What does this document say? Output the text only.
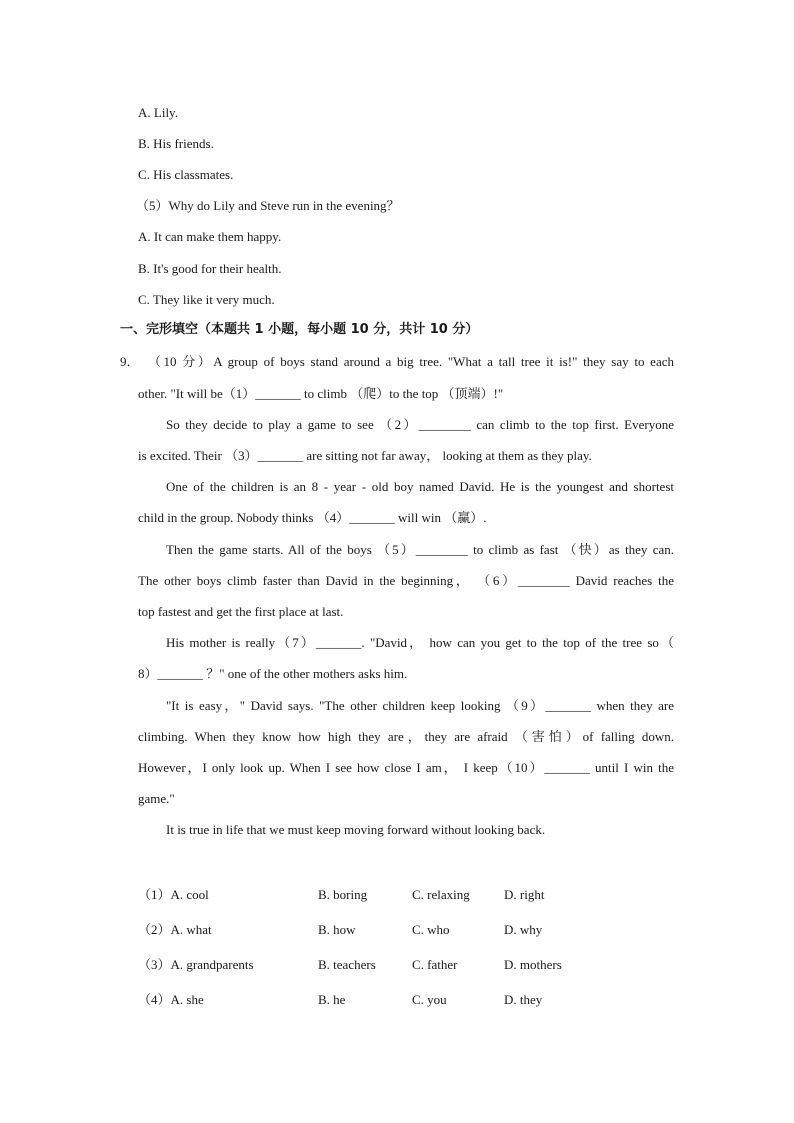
A. Lily.
B. His friends.
C. His classmates.
（5）Why do Lily and Steve run in the evening？
A. It can make them happy.
B. It's good for their health.
C. They like it very much.
一、完形填空（本题共 1 小题，每小题 10 分，共计 10 分）
9． （10 分）A group of boys stand around a big tree. "What a tall tree it is!" they say to each
other. "It will be（1）_______ to climb （爬）to the top （顶端）!"
So they decide to play a game to see （2）________ can climb to the top first. Everyone
is excited. Their （3）_______ are sitting not far away， looking at them as they play.
One of the children is an 8 - year - old boy named David. He is the youngest and shortest
child in the group. Nobody thinks （4）_______ will win （赢）.
Then the game starts. All of the boys （5）________ to climb as fast （快）as they can.
The other boys climb faster than David in the beginning， （6）________ David reaches the
top fastest and get the first place at last.
His mother is really（7）_______. "David， how can you get to the top of the tree so（
8）_______ ？" one of the other mothers asks him.
"It is easy，" David says. "The other children keep looking （9）_______ when they are
climbing. When they know how high they are，they are afraid （害怕）of falling down.
However，I only look up. When I see how close I am， I keep（10）_______ until I win the
game."
It is true in life that we must keep moving forward without looking back.
（1）A. cool	B. boring	C. relaxing	D. right
（2）A. what	B. how	C. who	D. why
（3）A. grandparents	B. teachers	C. father	D. mothers
（4）A. she	B. he	C. you	D. they
